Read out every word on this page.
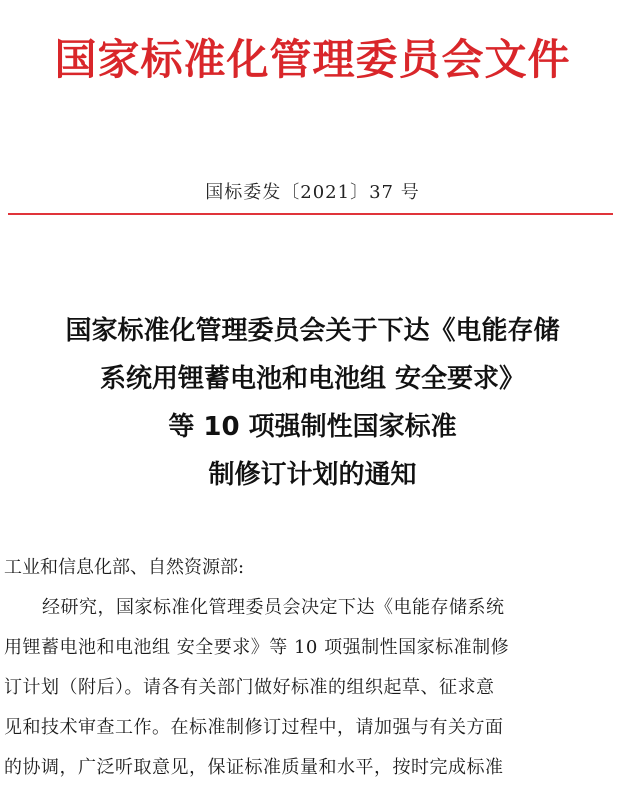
国家标准化管理委员会文件
国标委发〔2021〕37 号
国家标准化管理委员会关于下达《电能存储
系统用锂蓄电池和电池组 安全要求》
等 10 项强制性国家标准
制修订计划的通知
工业和信息化部、自然资源部:
经研究，国家标准化管理委员会决定下达《电能存储系统
用锂蓄电池和电池组 安全要求》等 10 项强制性国家标准制修
订计划（附后）。请各有关部门做好标准的组织起草、征求意
见和技术审查工作。在标准制修订过程中，请加强与有关方面
的协调，广泛听取意见，保证标准质量和水平，按时完成标准
